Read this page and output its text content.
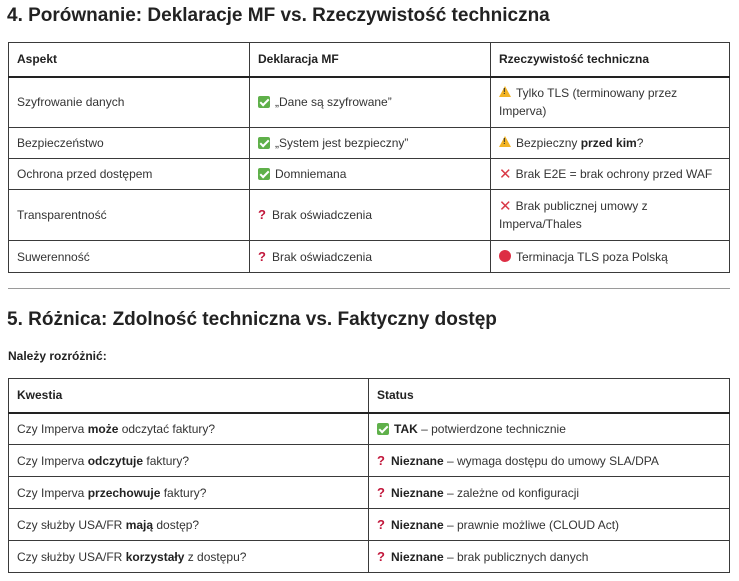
4. Porównanie: Deklaracje MF vs. Rzeczywistość techniczna
Aspekt	Deklaracja MF	Rzeczywistość techniczna
Szyfrowanie danych	„Dane są szyfrowane”	!Tylko TLS (terminowany przez Imperva)
Bezpieczeństwo	„System jest bezpieczny”	!Bezpieczny przed kim?
Ochrona przed dostępem	Domniemana	✕ Brak E2E = brak ochrony przed WAF
Transparentność	? Brak oświadczenia	✕ Brak publicznej umowy z Imperva/Thales
Suwerenność	? Brak oświadczenia	Terminacja TLS poza Polską
5. Różnica: Zdolność techniczna vs. Faktyczny dostęp
Należy rozróżnić:
Kwestia	Status
Czy Imperva może odczytać faktury?	TAK – potwierdzone technicznie
Czy Imperva odczytuje faktury?	? Nieznane – wymaga dostępu do umowy SLA/DPA
Czy Imperva przechowuje faktury?	? Nieznane – zależne od konfiguracji
Czy służby USA/FR mają dostęp?	? Nieznane – prawnie możliwe (CLOUD Act)
Czy służby USA/FR korzystały z dostępu?	? Nieznane – brak publicznych danych
